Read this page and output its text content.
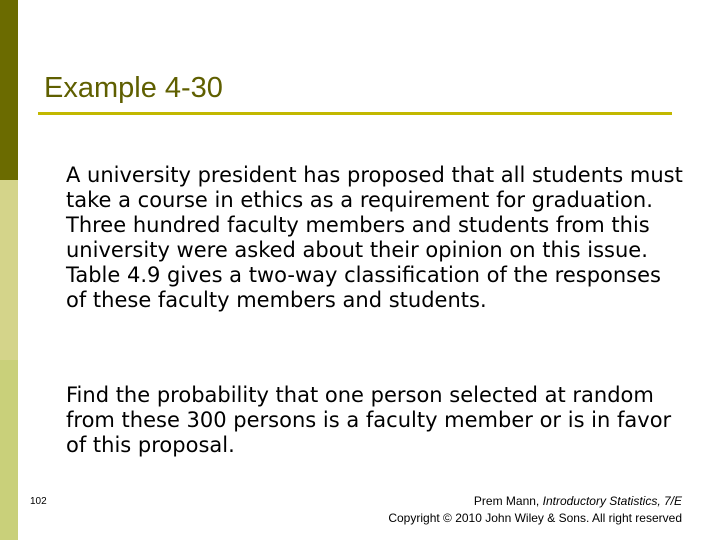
Example 4-30

A university president has proposed that all students must take a course in ethics as a requirement for graduation. Three hundred faculty members and students from this university were asked about their opinion on this issue. Table 4.9 gives a two-way classification of the responses of these faculty members and students.

Find the probability that one person selected at random from these 300 persons is a faculty member or is in favor of this proposal.

102	Prem Mann, Introductory Statistics, 7/E
Copyright © 2010 John Wiley & Sons. All right reserved
